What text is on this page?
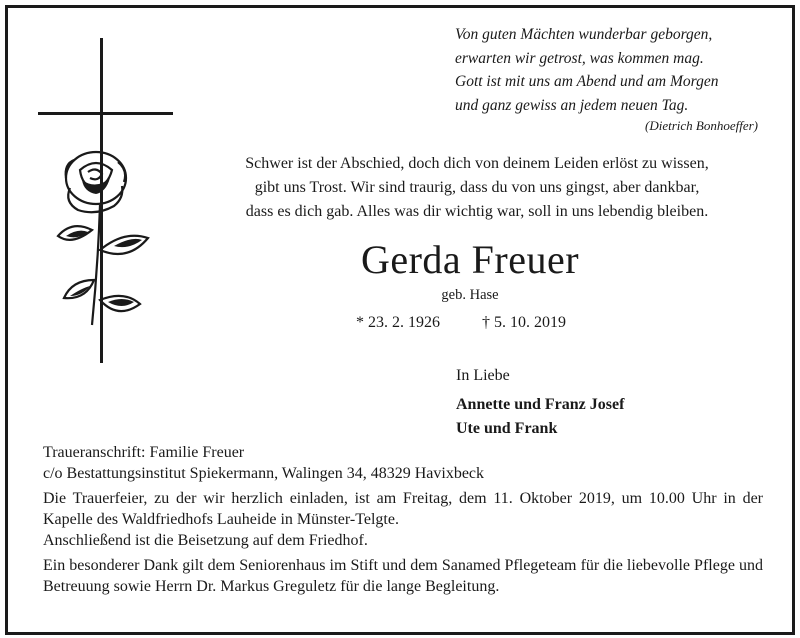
Von guten Mächten wunderbar geborgen,
erwarten wir getrost, was kommen mag.
Gott ist mit uns am Abend und am Morgen
und ganz gewiss an jedem neuen Tag.
(Dietrich Bonhoeffer)
Schwer ist der Abschied, doch dich von deinem Leiden erlöst zu wissen,
gibt uns Trost. Wir sind traurig, dass du von uns gingst, aber dankbar,
dass es dich gab. Alles was dir wichtig war, soll in uns lebendig bleiben.
Gerda Freuer
geb. Hase
* 23. 2. 1926	† 5. 10. 2019
In Liebe
Annette und Franz Josef
Ute und Frank

Traueranschrift: Familie Freuer

c/o Bestattungsinstitut Spiekermann, Walingen 34, 48329 Havixbeck

Die Trauerfeier, zu der wir herzlich einladen, ist am Freitag, dem 11. Oktober 2019, um 10.00 Uhr in der Kapelle des Waldfriedhofs Lauheide in Münster-Telgte.

Anschließend ist die Beisetzung auf dem Friedhof.

Ein besonderer Dank gilt dem Seniorenhaus im Stift und dem Sanamed Pflegeteam für die liebevolle Pflege und Betreuung sowie Herrn Dr. Markus Greguletz für die lange Begleitung.
